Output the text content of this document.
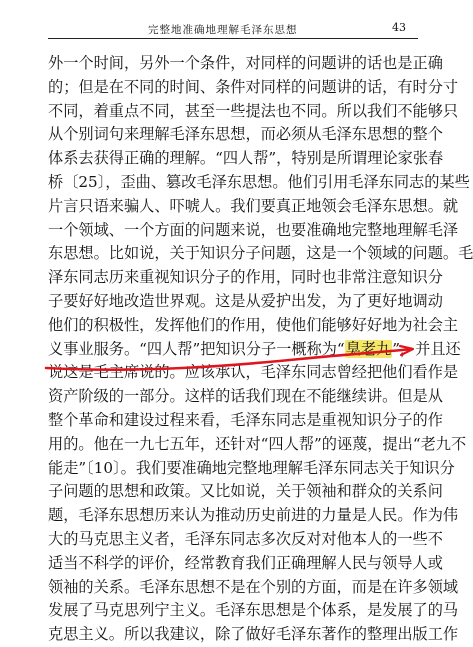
完整地准确地理解毛泽东思想	43
外一个时间，另外一个条件，对同样的问题讲的话也是正确
的；但是在不同的时间、条件对同样的问题讲的话，有时分寸
不同，着重点不同，甚至一些提法也不同。所以我们不能够只
从个别词句来理解毛泽东思想，而必须从毛泽东思想的整个
体系去获得正确的理解。“四人帮”，特别是所谓理论家张春
桥〔25〕，歪曲、篡改毛泽东思想。他们引用毛泽东同志的某些
片言只语来骗人、吓唬人。我们要真正地领会毛泽东思想。就
一个领域、一个方面的问题来说，也要准确地完整地理解毛泽
东思想。比如说，关于知识分子问题，这是一个领域的问题。毛
泽东同志历来重视知识分子的作用，同时也非常注意知识分
子要好好地改造世界观。这是从爱护出发，为了更好地调动
他们的积极性，发挥他们的作用，使他们能够好好地为社会主
义事业服务。“四人帮”把知识分子一概称为“臭老九”，并且还
说这是毛主席说的。应该承认，毛泽东同志曾经把他们看作是
资产阶级的一部分。这样的话我们现在不能继续讲。但是从
整个革命和建设过程来看，毛泽东同志是重视知识分子的作
用的。他在一九七五年，还针对“四人帮”的诬蔑，提出“老九不
能走”〔10〕。我们要准确地完整地理解毛泽东同志关于知识分
子问题的思想和政策。又比如说，关于领袖和群众的关系问
题，毛泽东思想历来认为推动历史前进的力量是人民。作为伟
大的马克思主义者，毛泽东同志多次反对对他本人的一些不
适当不科学的评价，经常教育我们正确理解人民与领导人或
领袖的关系。毛泽东思想不是在个别的方面，而是在许多领域
发展了马克思列宁主义。毛泽东思想是个体系，是发展了的马
克思主义。所以我建议，除了做好毛泽东著作的整理出版工作
